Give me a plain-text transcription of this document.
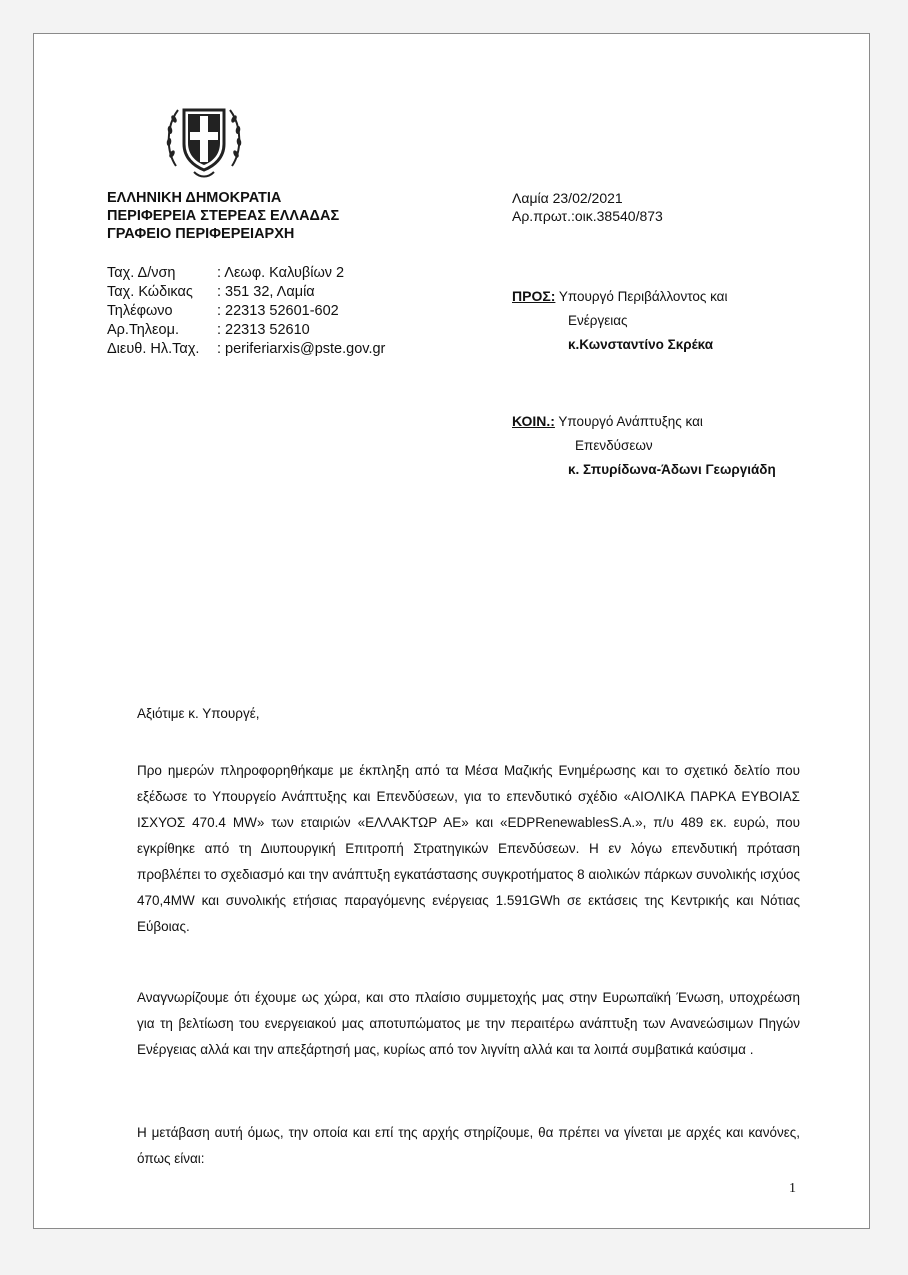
ΕΛΛΗΝΙΚΗ ΔΗΜΟΚΡΑΤΙΑ
ΠΕΡΙΦΕΡΕΙΑ ΣΤΕΡΕΑΣ ΕΛΛΑΔΑΣ
ΓΡΑΦΕΙΟ ΠΕΡΙΦΕΡΕΙΑΡΧΗ
Ταχ. Δ/νση	: Λεωφ. Καλυβίων 2
Ταχ. Κώδικας	: 351 32, Λαμία
Τηλέφωνο	: 22313 52601-602
Αρ.Τηλεομ.	: 22313 52610
Διευθ. Ηλ.Ταχ.	: periferiarxis@pste.gov.gr
Λαμία 23/02/2021
Αρ.πρωτ.:οικ.38540/873
ΠΡΟΣ: Υπουργό Περιβάλλοντος και
Ενέργειας
κ.Κωνσταντίνο Σκρέκα
ΚΟΙΝ.: Υπουργό Ανάπτυξης και
Επενδύσεων
κ. Σπυρίδωνα-Άδωνι Γεωργιάδη
Αξιότιμε κ. Υπουργέ,
Προ ημερών πληροφορηθήκαμε με έκπληξη από τα Μέσα Μαζικής Ενημέρωσης και το σχετικό δελτίο που εξέδωσε το Υπουργείο Ανάπτυξης και Επενδύσεων, για το επενδυτικό σχέδιο «ΑΙΟΛΙΚΑ ΠΑΡΚΑ ΕΥΒΟΙΑΣ ΙΣΧΥΟΣ 470.4 MW» των εταιριών «ΕΛΛΑΚΤΩΡ ΑΕ» και «EDPRenewablesS.A.», π/υ 489 εκ. ευρώ, που εγκρίθηκε από τη Διυπουργική Επιτροπή Στρατηγικών Επενδύσεων. Η εν λόγω επενδυτική πρόταση προβλέπει το σχεδιασμό και την ανάπτυξη εγκατάστασης συγκροτήματος 8 αιολικών πάρκων συνολικής ισχύος 470,4MW και συνολικής ετήσιας παραγόμενης ενέργειας 1.591GWh σε εκτάσεις της Κεντρικής και Νότιας Εύβοιας.
Αναγνωρίζουμε ότι έχουμε ως χώρα, και στο πλαίσιο συμμετοχής μας στην Ευρωπαϊκή Ένωση, υποχρέωση για τη βελτίωση του ενεργειακού μας αποτυπώματος με την περαιτέρω ανάπτυξη των Ανανεώσιμων Πηγών Ενέργειας αλλά και την απεξάρτησή μας, κυρίως από τον λιγνίτη αλλά και τα λοιπά συμβατικά καύσιμα .
Η μετάβαση αυτή όμως, την οποία και επί της αρχής στηρίζουμε, θα πρέπει να γίνεται με αρχές και κανόνες, όπως είναι:
1
